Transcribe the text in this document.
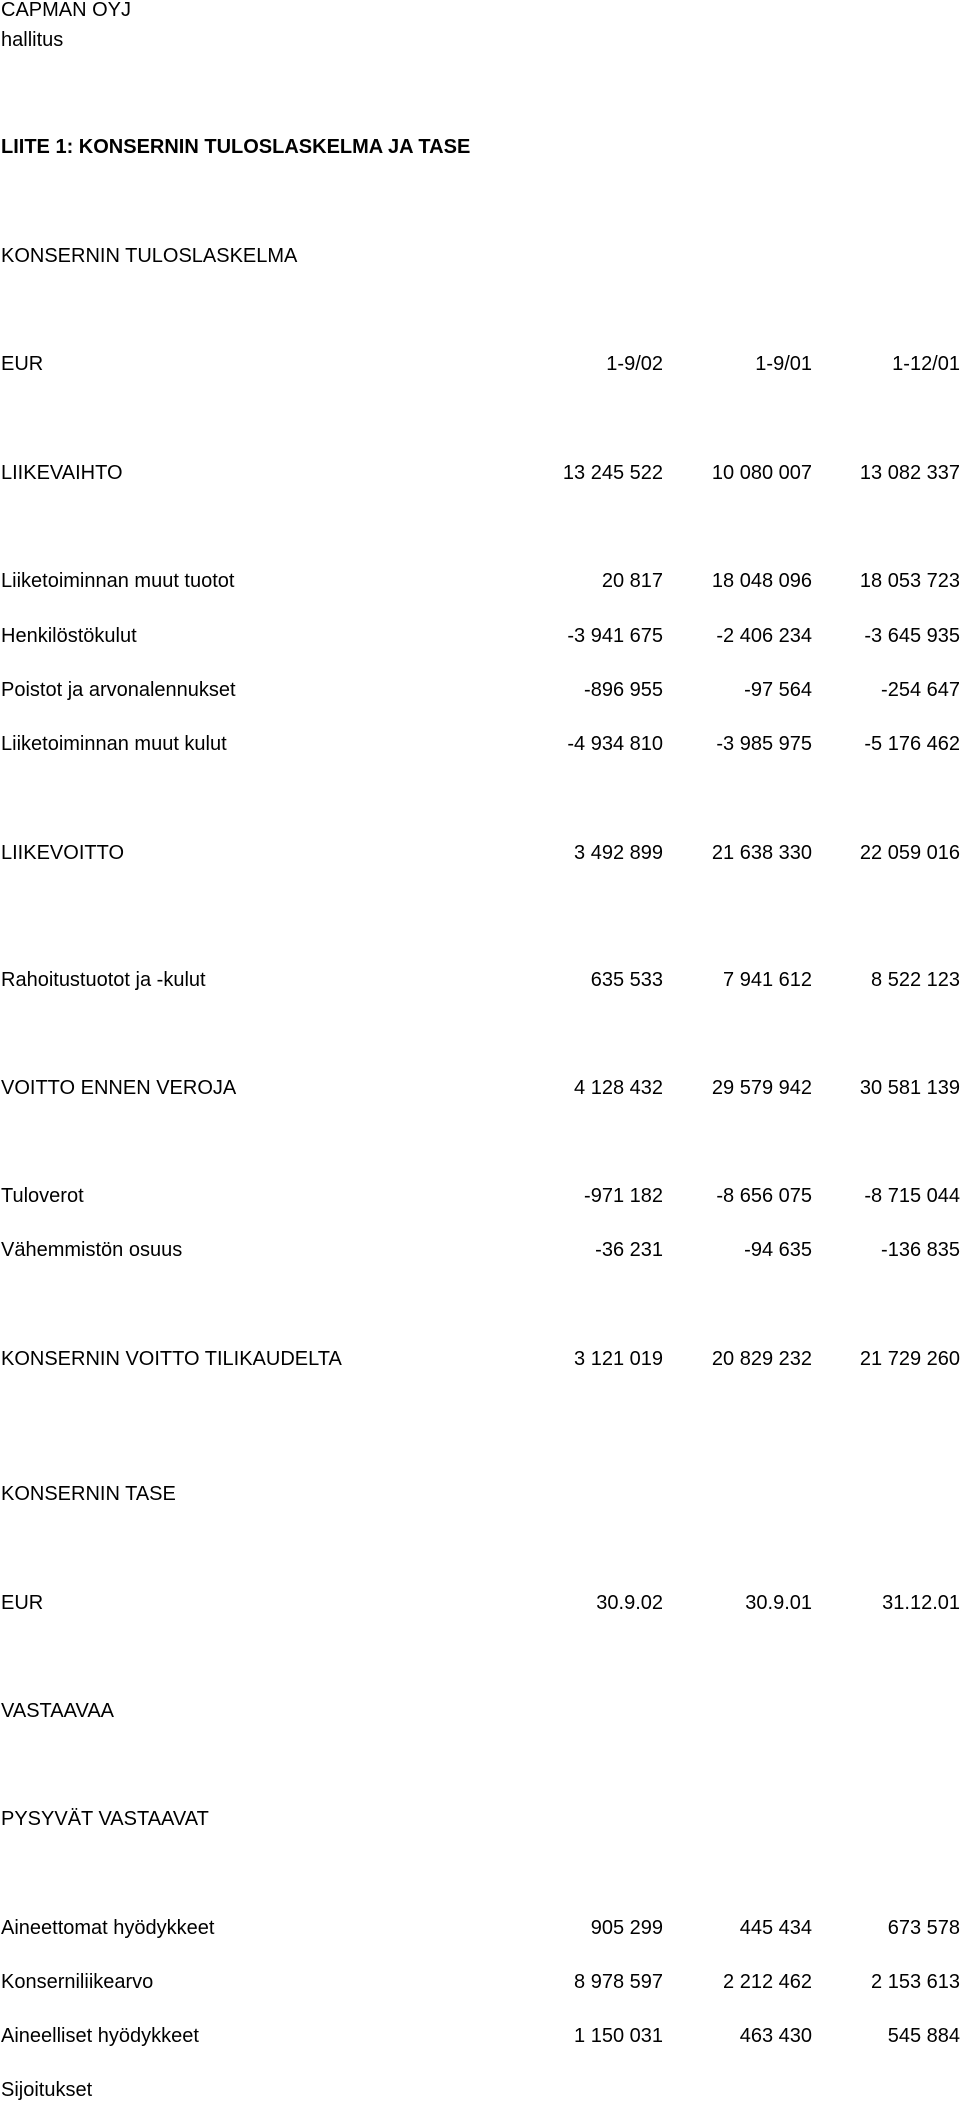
CAPMAN OYJ
hallitus
LIITE 1: KONSERNIN TULOSLASKELMA JA TASE
KONSERNIN TULOSLASKELMA
EUR	1-9/02	1-9/01	1-12/01
LIIKEVAIHTO	13 245 522	10 080 007	13 082 337
Liiketoiminnan muut tuotot	20 817	18 048 096	18 053 723
Henkilöstökulut	-3 941 675	-2 406 234	-3 645 935
Poistot ja arvonalennukset	-896 955	-97 564	-254 647
Liiketoiminnan muut kulut	-4 934 810	-3 985 975	-5 176 462
LIIKEVOITTO	3 492 899	21 638 330	22 059 016
Rahoitustuotot ja -kulut	635 533	7 941 612	8 522 123
VOITTO ENNEN VEROJA	4 128 432	29 579 942	30 581 139
Tuloverot	-971 182	-8 656 075	-8 715 044
Vähemmistön osuus	-36 231	-94 635	-136 835
KONSERNIN VOITTO TILIKAUDELTA	3 121 019	20 829 232	21 729 260
KONSERNIN TASE
EUR	30.9.02	30.9.01	31.12.01
VASTAAVAA
PYSYVÄT VASTAAVAT
Aineettomat hyödykkeet	905 299	445 434	673 578
Konserniliikearvo	8 978 597	2 212 462	2 153 613
Aineelliset hyödykkeet	1 150 031	463 430	545 884
Sijoitukset
